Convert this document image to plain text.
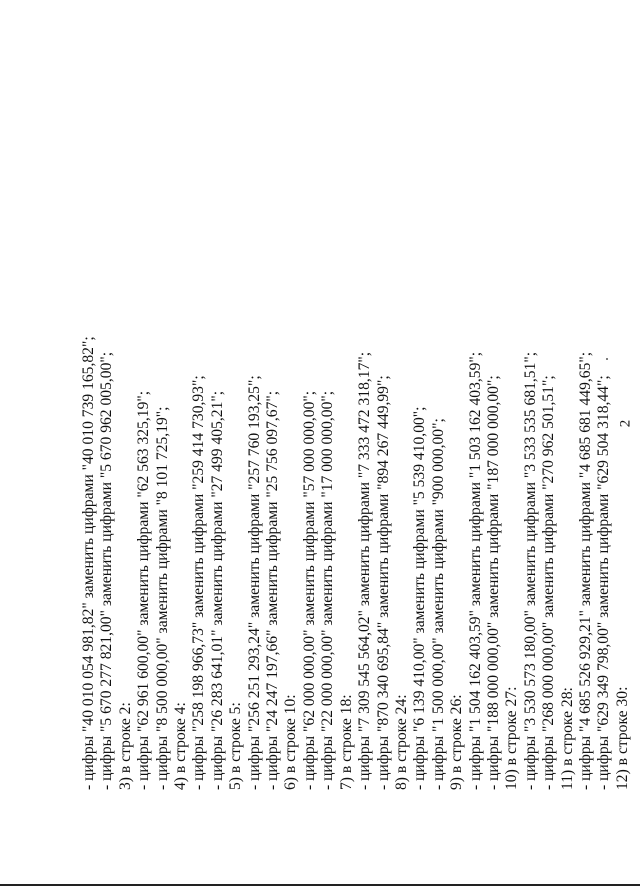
2
- цифры "40 010 054 981,82" заменить цифрами "40 010 739 165,82"; - цифры "5 670 277 821,00" заменить цифрами "5 670 962 005,00"; 3) в строке 2: - цифры "62 961 600,00" заменить цифрами "62 563 325,19"; - цифры "8 500 000,00" заменить цифрами "8 101 725,19"; 4) в строке 4: - цифры "258 198 966,73" заменить цифрами "259 414 730,93"; - цифры "26 283 641,01" заменить цифрами "27 499 405,21"; 5) в строке 5: - цифры "256 251 293,24" заменить цифрами "257 760 193,25"; - цифры "24 247 197,66" заменить цифрами "25 756 097,67"; 6) в строке 10: - цифры "62 000 000,00" заменить цифрами "57 000 000,00"; - цифры "22 000 000,00" заменить цифрами "17 000 000,00"; 7) в строке 18: - цифры "7 309 545 564,02" заменить цифрами "7 333 472 318,17"; - цифры "870 340 695,84" заменить цифрами "894 267 449,99"; 8) в строке 24: - цифры "6 139 410,00" заменить цифрами "5 539 410,00"; - цифры "1 500 000,00" заменить цифрами "900 000,00"; 9) в строке 26: - цифры "1 504 162 403,59" заменить цифрами "1 503 162 403,59"; - цифры "188 000 000,00" заменить цифрами "187 000 000,00"; 10) в строке 27: - цифры "3 530 573 180,00" заменить цифрами "3 533 535 681,51"; - цифры "268 000 000,00" заменить цифрами "270 962 501,51"; 11) в строке 28: - цифры "4 685 526 929,21" заменить цифрами "4 685 681 449,65"; - цифры "629 349 798,00" заменить цифрами "629 504 318,44"; 12) в строке 30:
